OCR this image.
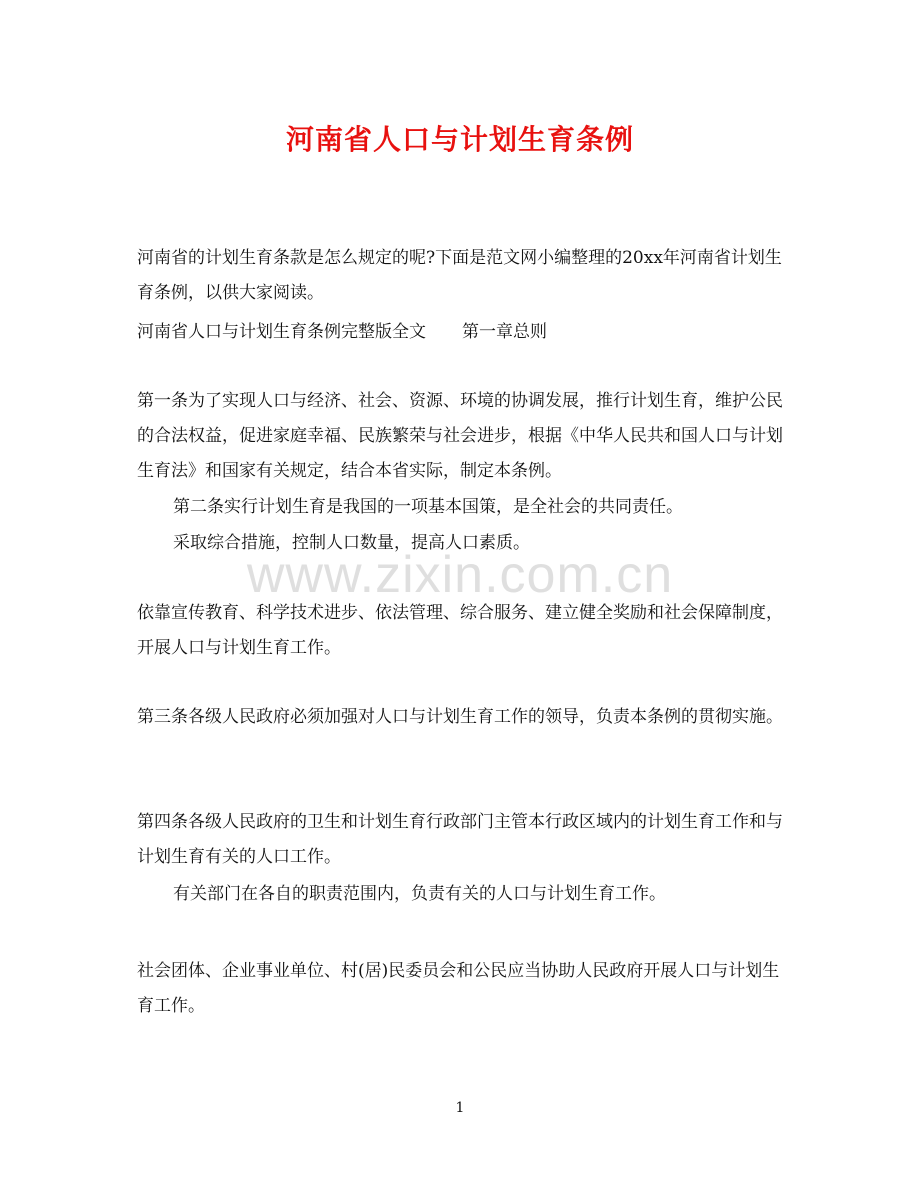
河南省人口与计划生育条例

河南省的计划生育条款是怎么规定的呢?下面是范文网小编整理的20xx年河南省计划生育条例，以供大家阅读。

河南省人口与计划生育条例完整版全文 第一章总则

第一条为了实现人口与经济、社会、资源、环境的协调发展，推行计划生育，维护公民的合法权益，促进家庭幸福、民族繁荣与社会进步，根据《中华人民共和国人口与计划生育法》和国家有关规定，结合本省实际，制定本条例。

第二条实行计划生育是我国的一项基本国策，是全社会的共同责任。

采取综合措施，控制人口数量，提高人口素质。

www.zixin.com.cn

依靠宣传教育、科学技术进步、依法管理、综合服务、建立健全奖励和社会保障制度，开展人口与计划生育工作。

第三条各级人民政府必须加强对人口与计划生育工作的领导，负责本条例的贯彻实施。

第四条各级人民政府的卫生和计划生育行政部门主管本行政区域内的计划生育工作和与计划生育有关的人口工作。

有关部门在各自的职责范围内，负责有关的人口与计划生育工作。

社会团体、企业事业单位、村(居)民委员会和公民应当协助人民政府开展人口与计划生育工作。

1
